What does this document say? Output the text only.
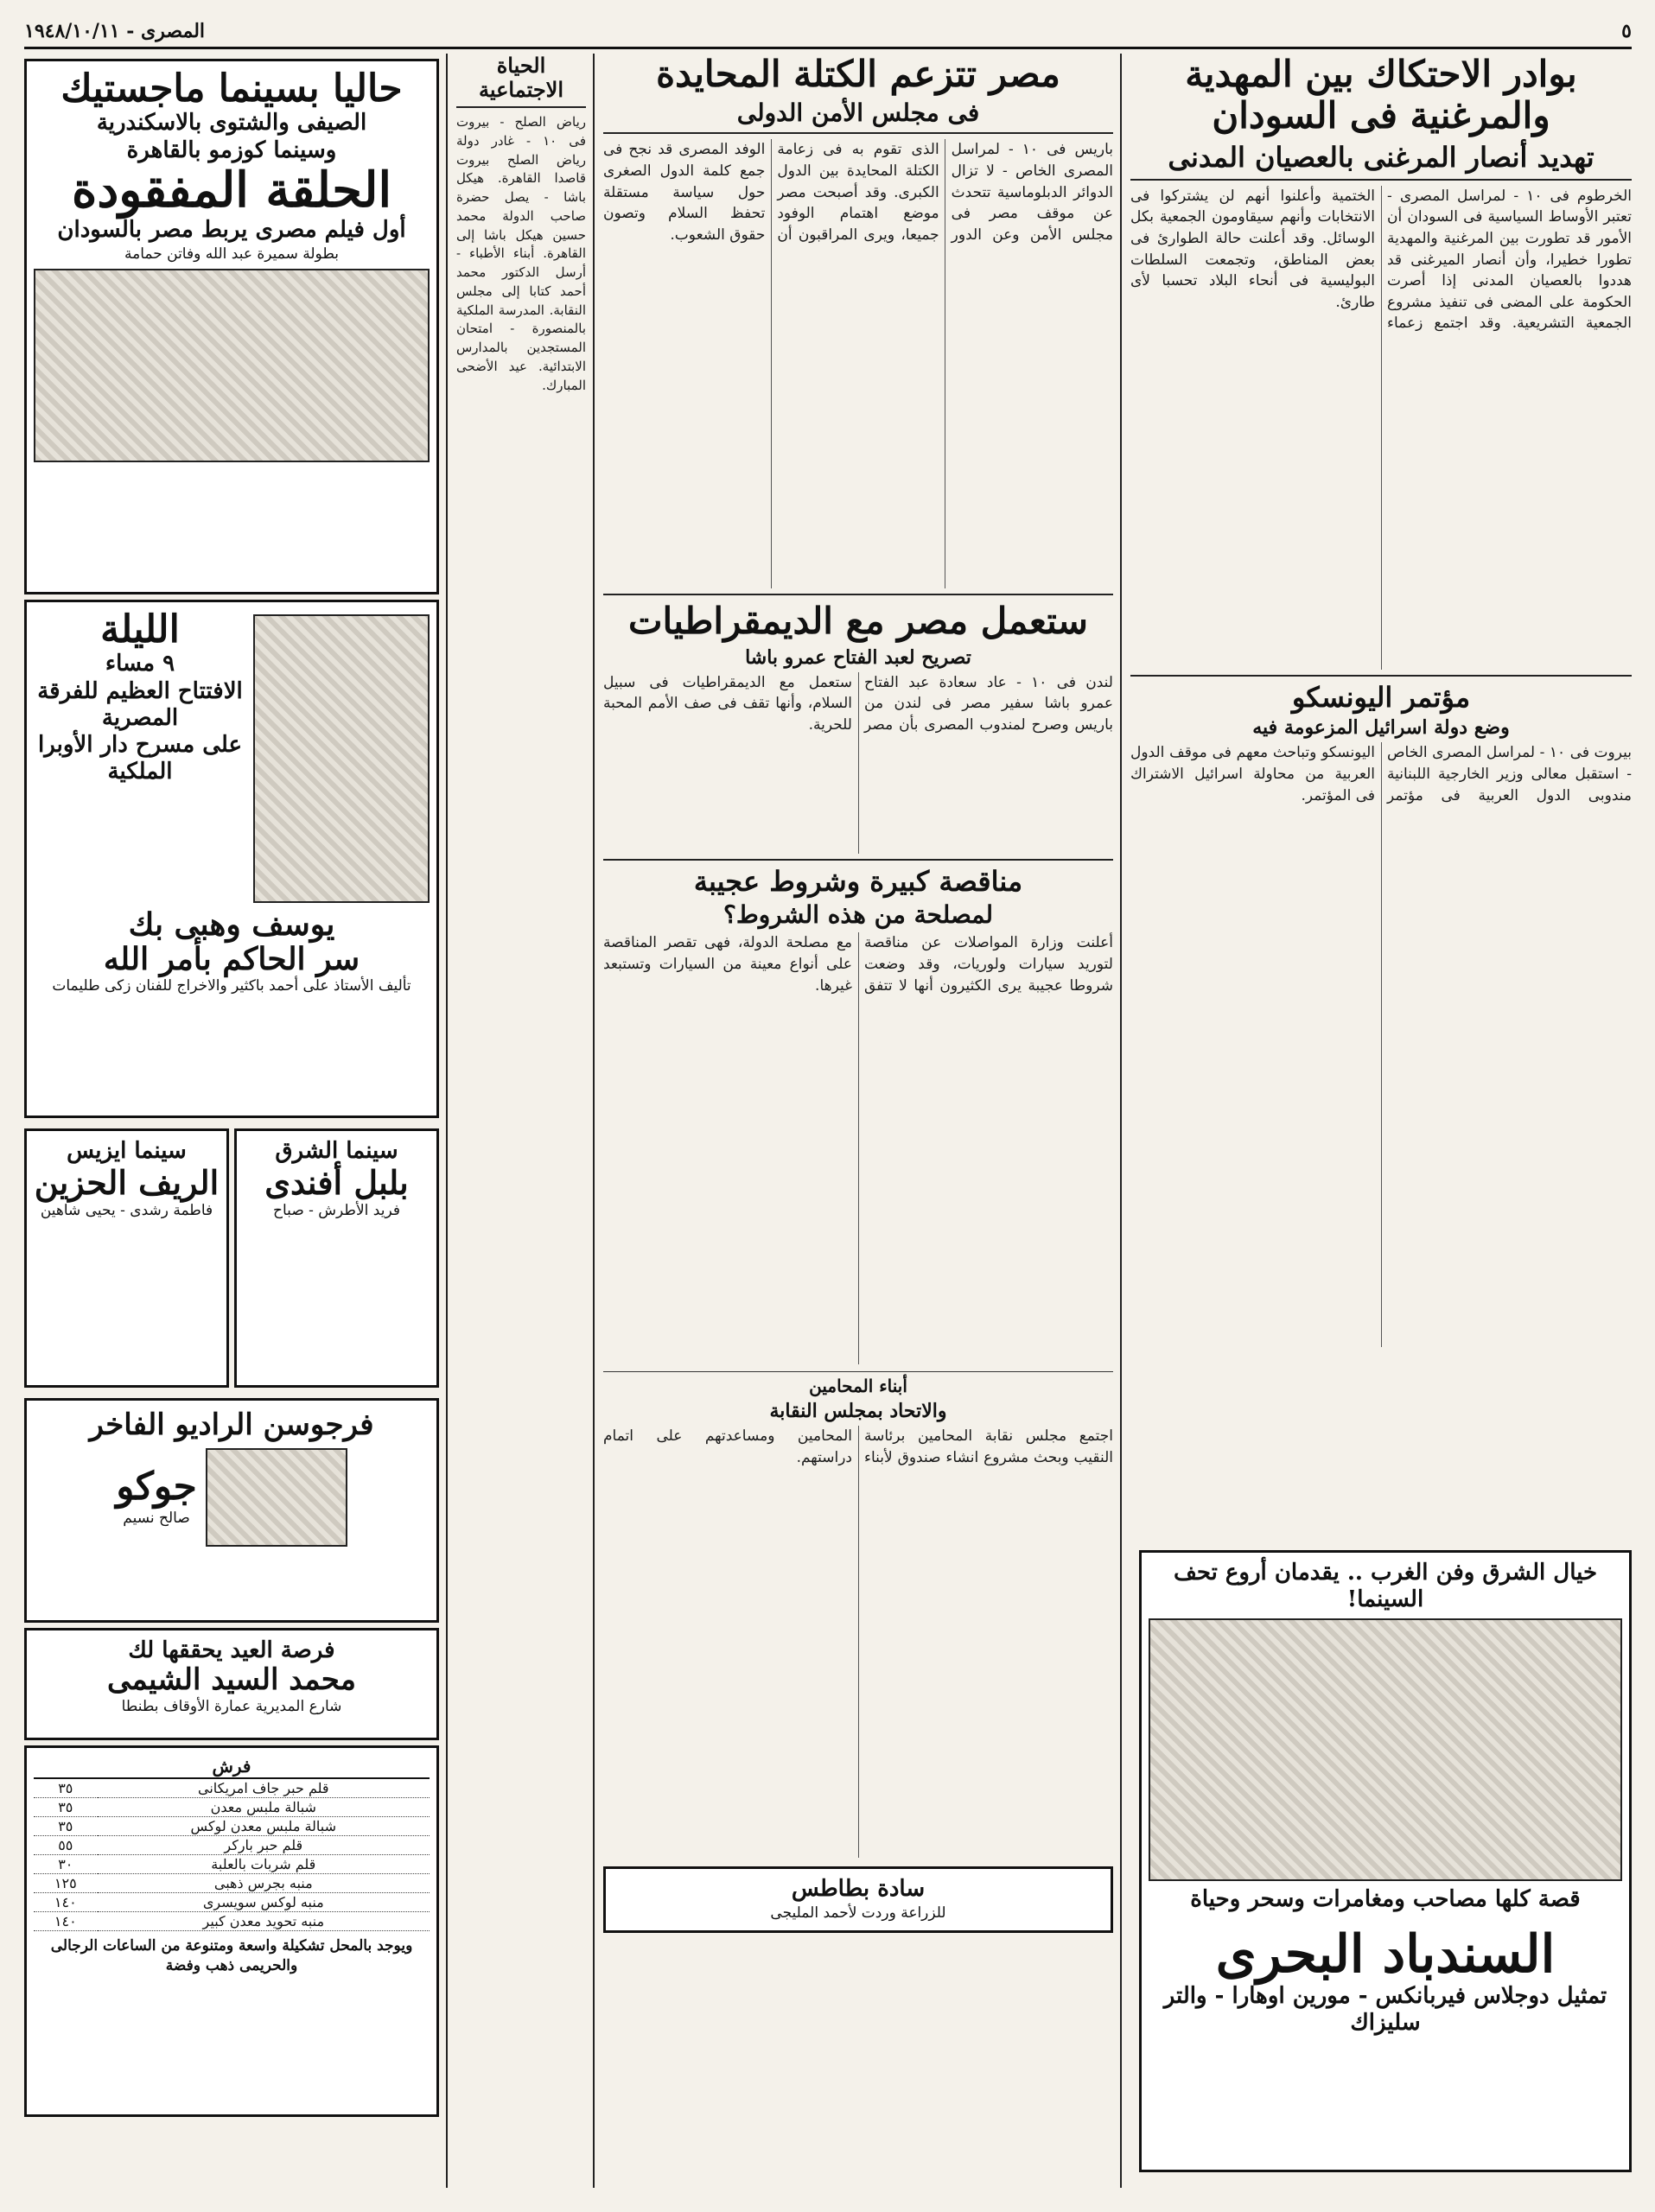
٥
المصرى - ١٩٤٨/١٠/١١
بوادر الاحتكاك بين المهدية والمرغنية فى السودان
تهديد أنصار المرغنى بالعصيان المدنى
الخرطوم فى ١٠ - لمراسل المصرى - تعتبر الأوساط السياسية فى السودان أن الأمور قد تطورت بين المرغنية والمهدية تطورا خطيرا، وأن أنصار الميرغنى قد هددوا بالعصيان المدنى إذا أصرت الحكومة على المضى فى تنفيذ مشروع الجمعية التشريعية. وقد اجتمع زعماء الختمية وأعلنوا أنهم لن يشتركوا فى الانتخابات وأنهم سيقاومون الجمعية بكل الوسائل. وقد أعلنت حالة الطوارئ فى بعض المناطق، وتجمعت السلطات البوليسية فى أنحاء البلاد تحسبا لأى طارئ.
مؤتمر اليونسكو
وضع دولة اسرائيل المزعومة فيه
بيروت فى ١٠ - لمراسل المصرى الخاص - استقبل معالى وزير الخارجية اللبنانية مندوبى الدول العربية فى مؤتمر اليونسكو وتباحث معهم فى موقف الدول العربية من محاولة اسرائيل الاشتراك فى المؤتمر.
خيال الشرق وفن الغرب .. يقدمان أروع تحف السينما!
قصة كلها مصاحب ومغامرات وسحر وحياة
السندباد البحرى
تمثيل دوجلاس فيربانكس - مورين اوهارا - والتر سليزاك
مصر تتزعم الكتلة المحايدة
فى مجلس الأمن الدولى
باريس فى ١٠ - لمراسل المصرى الخاص - لا تزال الدوائر الدبلوماسية تتحدث عن موقف مصر فى مجلس الأمن وعن الدور الذى تقوم به فى زعامة الكتلة المحايدة بين الدول الكبرى. وقد أصبحت مصر موضع اهتمام الوفود جميعا، ويرى المراقبون أن الوفد المصرى قد نجح فى جمع كلمة الدول الصغرى حول سياسة مستقلة تحفظ السلام وتصون حقوق الشعوب.
ستعمل مصر مع الديمقراطيات
تصريح لعبد الفتاح عمرو باشا
لندن فى ١٠ - عاد سعادة عبد الفتاح عمرو باشا سفير مصر فى لندن من باريس وصرح لمندوب المصرى بأن مصر ستعمل مع الديمقراطيات فى سبيل السلام، وأنها تقف فى صف الأمم المحبة للحرية.
مناقصة كبيرة وشروط عجيبة
لمصلحة من هذه الشروط؟
أعلنت وزارة المواصلات عن مناقصة لتوريد سيارات ولوريات، وقد وضعت شروطا عجيبة يرى الكثيرون أنها لا تتفق مع مصلحة الدولة، فهى تقصر المناقصة على أنواع معينة من السيارات وتستبعد غيرها.
أبناء المحامين
والاتحاد بمجلس النقابة
اجتمع مجلس نقابة المحامين برئاسة النقيب وبحث مشروع انشاء صندوق لأبناء المحامين ومساعدتهم على اتمام دراستهم.
سادة بطاطس
للزراعة وردت لأحمد المليجى
الحياة الاجتماعية
رياض الصلح - بيروت فى ١٠ - غادر دولة رياض الصلح بيروت قاصدا القاهرة. هيكل باشا - يصل حضرة صاحب الدولة محمد حسين هيكل باشا إلى القاهرة. أبناء الأطباء - أرسل الدكتور محمد أحمد كتابا إلى مجلس النقابة. المدرسة الملكية بالمنصورة - امتحان المستجدين بالمدارس الابتدائية. عيد الأضحى المبارك.
حاليا بسينما ماجستيك
الصيفى والشتوى بالاسكندرية
وسينما كوزمو بالقاهرة
الحلقة المفقودة
أول فيلم مصرى يربط مصر بالسودان
بطولة سميرة عبد الله وفاتن حمامة
الليلة
٩ مساء
الافتتاح العظيم للفرقة المصرية
على مسرح دار الأوبرا الملكية
يوسف وهبى بك
سر الحاكم بأمر الله
تأليف الأستاذ على أحمد باكثير والاخراج للفنان زكى طليمات
سينما الشرق
بلبل أفندى
فريد الأطرش - صباح
سينما ايزيس
الريف الحزين
فاطمة رشدى - يحيى شاهين
فرجوسن الراديو الفاخر
جوكو
صالح نسيم
فرصة العيد يحققها لك
محمد السيد الشيمى
شارع المديرية عمارة الأوقاف بطنطا
فرش	
قلم حبر جاف امريكانى	٣٥
شبالة ملبس معدن	٣٥
شبالة ملبس معدن لوكس	٣٥
قلم حبر باركر	٥٥
قلم شربات بالعلبة	٣٠
منبه بجرس ذهبى	١٢٥
منبه لوكس سويسرى	١٤٠
منبه تحويد معدن كبير	١٤٠
ويوجد بالمحل تشكيلة واسعة ومتنوعة من الساعات الرجالى والحريمى ذهب وفضة
